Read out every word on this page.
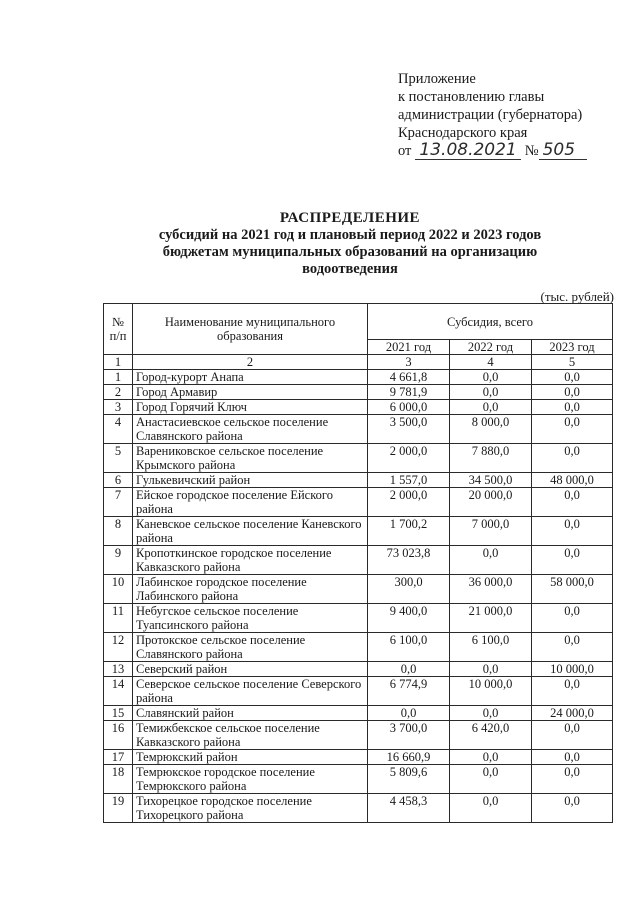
Приложение
к постановлению главы
администрации (губернатора)
Краснодарского края
от 13.08.2021 № 505
РАСПРЕДЕЛЕНИЕ
субсидий на 2021 год и плановый период 2022 и 2023 годов
бюджетам муниципальных образований на организацию
водоотведения
(тыс. рублей)
№ п/п	Наименование муниципального образования	Субсидия, всего		
		2021 год	2022 год	2023 год
1	2	3	4	5
1	Город-курорт Анапа	4 661,8	0,0	0,0
2	Город Армавир	9 781,9	0,0	0,0
3	Город Горячий Ключ	6 000,0	0,0	0,0
4	Анастасиевское сельское поселение Славянского района	3 500,0	8 000,0	0,0
5	Варениковское сельское поселение Крымского района	2 000,0	7 880,0	0,0
6	Гулькевичский район	1 557,0	34 500,0	48 000,0
7	Ейское городское поселение Ейского района	2 000,0	20 000,0	0,0
8	Каневское сельское поселение Каневского района	1 700,2	7 000,0	0,0
9	Кропоткинское городское поселение Кавказского района	73 023,8	0,0	0,0
10	Лабинское городское поселение Лабинского района	300,0	36 000,0	58 000,0
11	Небугское сельское поселение Туапсинского района	9 400,0	21 000,0	0,0
12	Протокское сельское поселение Славянского района	6 100,0	6 100,0	0,0
13	Северский район	0,0	0,0	10 000,0
14	Северское сельское поселение Северского района	6 774,9	10 000,0	0,0
15	Славянский район	0,0	0,0	24 000,0
16	Темижбекское сельское поселение Кавказского района	3 700,0	6 420,0	0,0
17	Темрюкский район	16 660,9	0,0	0,0
18	Темрюкское городское поселение Темрюкского района	5 809,6	0,0	0,0
19	Тихорецкое городское поселение Тихорецкого района	4 458,3	0,0	0,0
